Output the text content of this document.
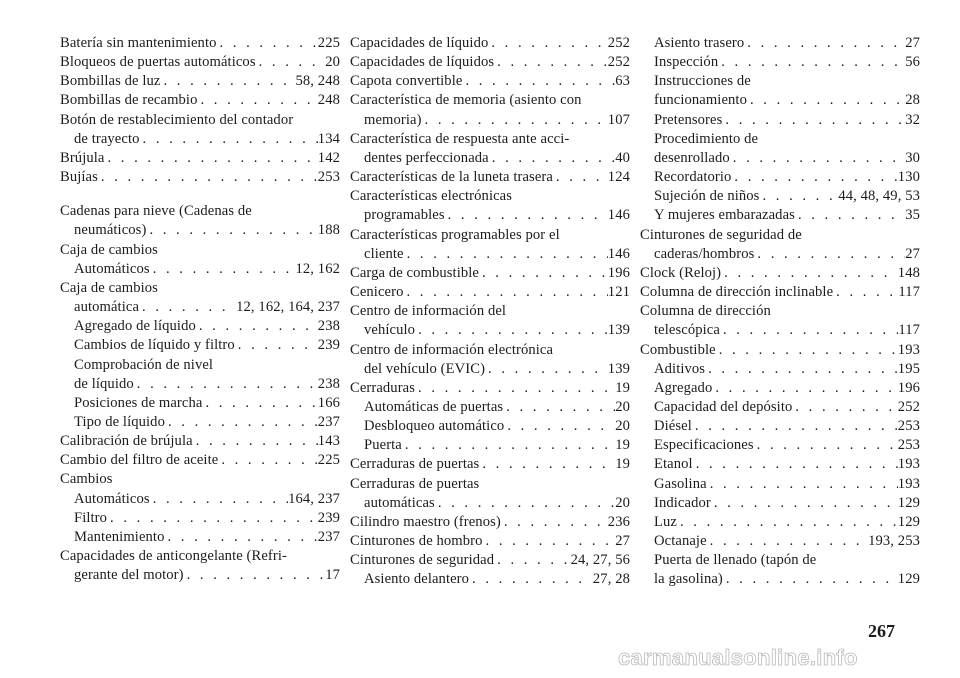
Batería sin mantenimiento . . .	225
Bloqueos de puertas automáticos . . .	20
Bombillas de luz . . .	58, 248
Bombillas de recambio . . .	248
Botón de restablecimiento del contador
de trayecto . . .	134
Brújula . . .	142
Bujías . . .	253
Cadenas para nieve (Cadenas de
neumáticos) . . .	188
Caja de cambios
Automáticos . . .	12, 162
Caja de cambios
automática . . .	12, 162, 164, 237
Agregado de líquido . . .	238
Cambios de líquido y filtro . . .	239
Comprobación de nivel
de líquido . . .	238
Posiciones de marcha . . .	166
Tipo de líquido . . .	237
Calibración de brújula . . .	143
Cambio del filtro de aceite . . .	225
Cambios
Automáticos . . .	164, 237
Filtro . . .	239
Mantenimiento . . .	237
Capacidades de anticongelante (Refri-
gerante del motor) . . .	17
Capacidades de líquido . . .	252
Capacidades de líquidos . . .	252
Capota convertible . . .	63
Característica de memoria (asiento con
memoria) . . .	107
Característica de respuesta ante acci-
dentes perfeccionada . . .	40
Características de la luneta trasera . . .	124
Características electrónicas
programables . . .	146
Características programables por el
cliente . . .	146
Carga de combustible . . .	196
Cenicero . . .	121
Centro de información del
vehículo . . .	139
Centro de información electrónica
del vehículo (EVIC) . . .	139
Cerraduras . . .	19
Automáticas de puertas . . .	20
Desbloqueo automático . . .	20
Puerta . . .	19
Cerraduras de puertas . . .	19
Cerraduras de puertas
automáticas . . .	20
Cilindro maestro (frenos) . . .	236
Cinturones de hombro . . .	27
Cinturones de seguridad . . .	24, 27, 56
Asiento delantero . . .	27, 28
Asiento trasero . . .	27
Inspección . . .	56
Instrucciones de
funcionamiento . . .	28
Pretensores . . .	32
Procedimiento de
desenrollado . . .	30
Recordatorio . . .	130
Sujeción de niños . . .	44, 48, 49, 53
Y mujeres embarazadas . . .	35
Cinturones de seguridad de
caderas/hombros . . .	27
Clock (Reloj) . . .	148
Columna de dirección inclinable . . .	117
Columna de dirección
telescópica . . .	117
Combustible . . .	193
Aditivos . . .	195
Agregado . . .	196
Capacidad del depósito . . .	252
Diésel . . .	253
Especificaciones . . .	253
Etanol . . .	193
Gasolina . . .	193
Indicador . . .	129
Luz . . .	129
Octanaje . . .	193, 253
Puerta de llenado (tapón de
la gasolina) . . .	129
267
carmanualsonline.info
